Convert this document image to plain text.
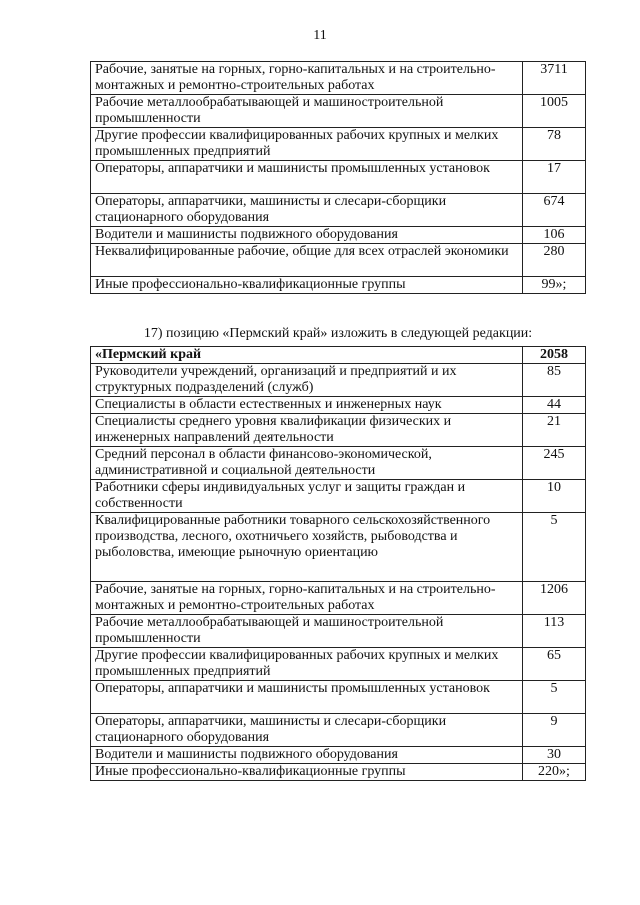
11
Рабочие, занятые на горных, горно-капитальных и на строительно-монтажных и ремонтно-строительных работах	3711
Рабочие металлообрабатывающей и машиностроительной промышленности	1005
Другие профессии квалифицированных рабочих крупных и мелких промышленных предприятий	78
Операторы, аппаратчики и машинисты промышленных установок	17
Операторы, аппаратчики, машинисты и слесари-сборщики стационарного оборудования	674
Водители и машинисты подвижного оборудования	106
Неквалифицированные рабочие, общие для всех отраслей экономики	280
Иные профессионально-квалификационные группы	99»;
17) позицию «Пермский край» изложить в следующей редакции:
«Пермский край	2058
Руководители учреждений, организаций и предприятий и их структурных подразделений (служб)	85
Специалисты в области естественных и инженерных наук	44
Специалисты среднего уровня квалификации физических и инженерных направлений деятельности	21
Средний персонал в области финансово-экономической, административной и социальной деятельности	245
Работники сферы индивидуальных услуг и защиты граждан и собственности	10
Квалифицированные работники товарного сельскохозяйственного производства, лесного, охотничьего хозяйств, рыбоводства и рыболовства, имеющие рыночную ориентацию	5
Рабочие, занятые на горных, горно-капитальных и на строительно-монтажных и ремонтно-строительных работах	1206
Рабочие металлообрабатывающей и машиностроительной промышленности	113
Другие профессии квалифицированных рабочих крупных и мелких промышленных предприятий	65
Операторы, аппаратчики и машинисты промышленных установок	5
Операторы, аппаратчики, машинисты и слесари-сборщики стационарного оборудования	9
Водители и машинисты подвижного оборудования	30
Иные профессионально-квалификационные группы	220»;
